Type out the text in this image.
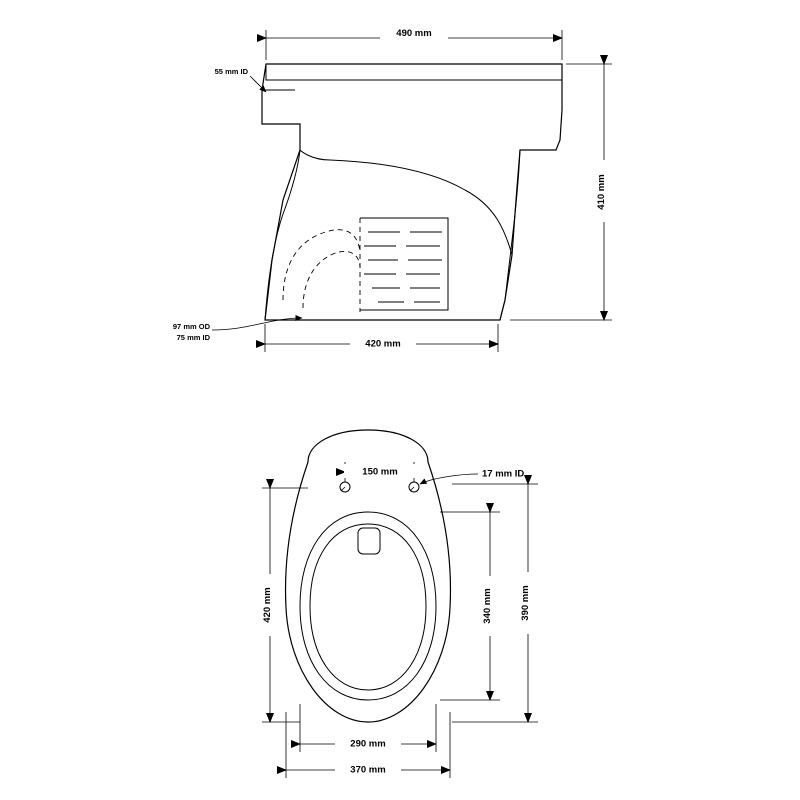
490 mm
410 mm
420 mm
55 mm ID
97 mm OD
75 mm ID
150 mm	17 mm ID
420 mm	340 mm	390 mm
290 mm
370 mm
